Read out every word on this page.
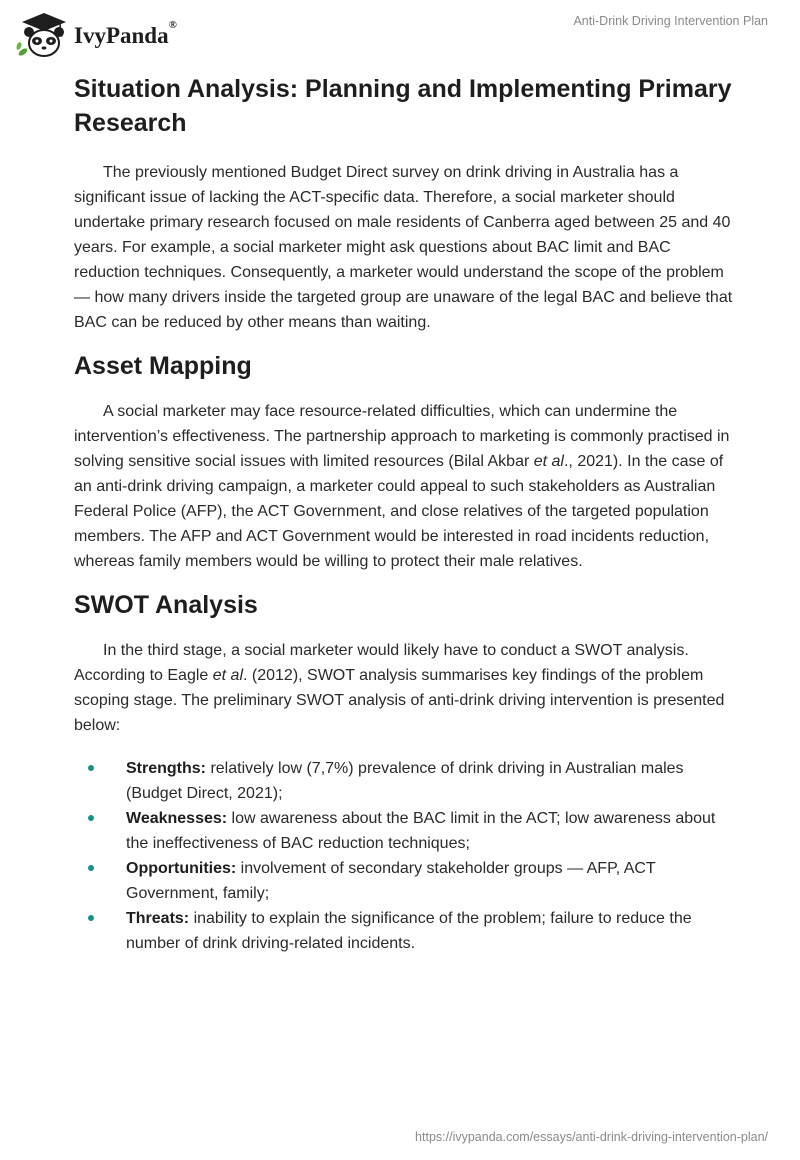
IvyPanda®	Anti-Drink Driving Intervention Plan
Situation Analysis: Planning and Implementing Primary Research

The previously mentioned Budget Direct survey on drink driving in Australia has a significant issue of lacking the ACT-specific data. Therefore, a social marketer should undertake primary research focused on male residents of Canberra aged between 25 and 40 years. For example, a social marketer might ask questions about BAC limit and BAC reduction techniques. Consequently, a marketer would understand the scope of the problem — how many drivers inside the targeted group are unaware of the legal BAC and believe that BAC can be reduced by other means than waiting.

Asset Mapping

A social marketer may face resource-related difficulties, which can undermine the intervention’s effectiveness. The partnership approach to marketing is commonly practised in solving sensitive social issues with limited resources (Bilal Akbar et al., 2021). In the case of an anti-drink driving campaign, a marketer could appeal to such stakeholders as Australian Federal Police (AFP), the ACT Government, and close relatives of the targeted population members. The AFP and ACT Government would be interested in road incidents reduction, whereas family members would be willing to protect their male relatives.

SWOT Analysis

In the third stage, a social marketer would likely have to conduct a SWOT analysis. According to Eagle et al. (2012), SWOT analysis summarises key findings of the problem scoping stage. The preliminary SWOT analysis of anti-drink driving intervention is presented below:

Strengths: relatively low (7,7%) prevalence of drink driving in Australian males (Budget Direct, 2021);
Weaknesses: low awareness about the BAC limit in the ACT; low awareness about the ineffectiveness of BAC reduction techniques;
Opportunities: involvement of secondary stakeholder groups — AFP, ACT Government, family;
Threats: inability to explain the significance of the problem; failure to reduce the number of drink driving-related incidents.
https://ivypanda.com/essays/anti-drink-driving-intervention-plan/
